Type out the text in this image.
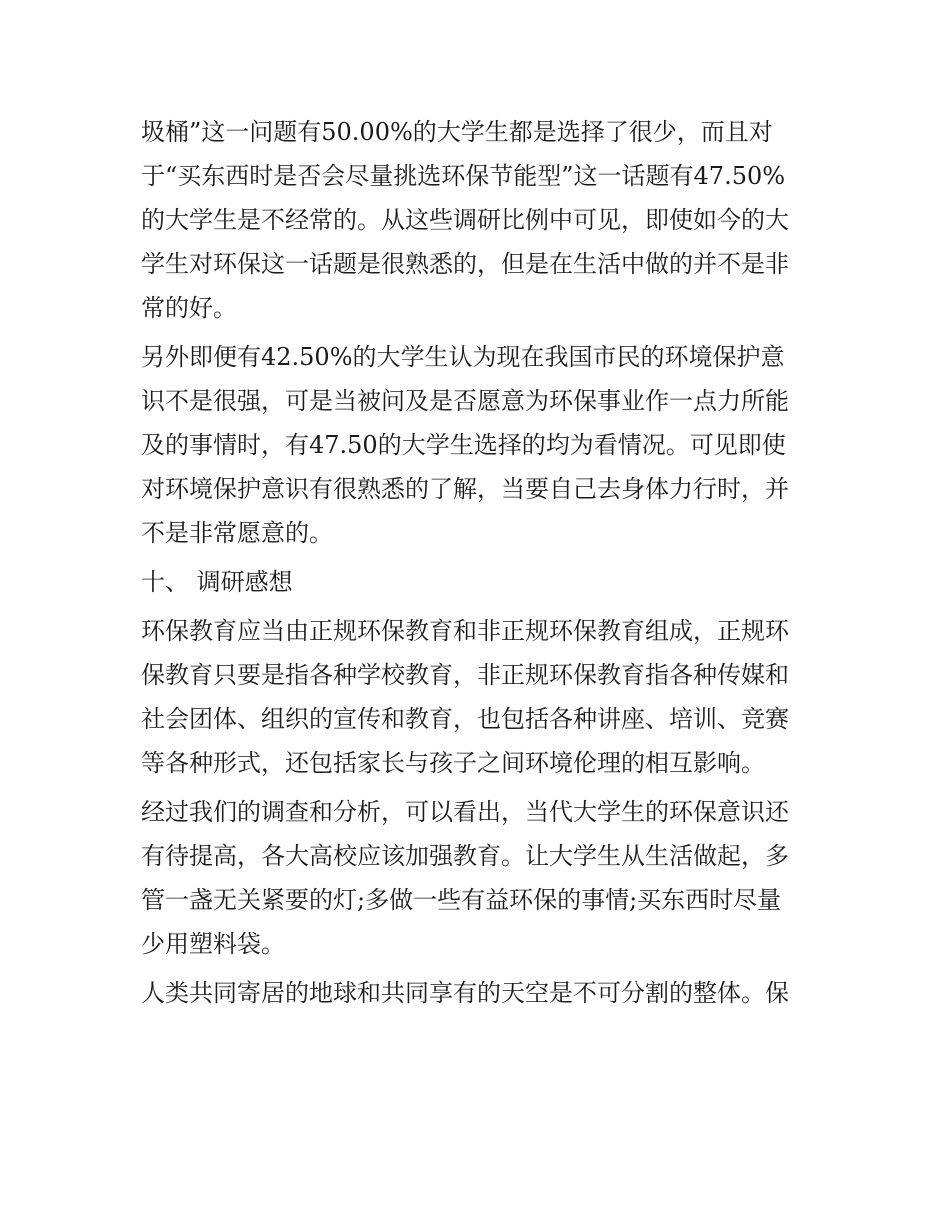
圾桶”这一问题有50.00%的大学生都是选择了很少，而且对
于“买东西时是否会尽量挑选环保节能型”这一话题有47.50%
的大学生是不经常的。从这些调研比例中可见，即使如今的大
学生对环保这一话题是很熟悉的，但是在生活中做的并不是非
常的好。
另外即便有42.50%的大学生认为现在我国市民的环境保护意
识不是很强，可是当被问及是否愿意为环保事业作一点力所能
及的事情时，有47.50的大学生选择的均为看情况。可见即使
对环境保护意识有很熟悉的了解，当要自己去身体力行时，并
不是非常愿意的。
十、 调研感想
环保教育应当由正规环保教育和非正规环保教育组成，正规环
保教育只要是指各种学校教育，非正规环保教育指各种传媒和
社会团体、组织的宣传和教育，也包括各种讲座、培训、竞赛
等各种形式，还包括家长与孩子之间环境伦理的相互影响。
经过我们的调查和分析，可以看出，当代大学生的环保意识还
有待提高，各大高校应该加强教育。让大学生从生活做起，多
管一盏无关紧要的灯;多做一些有益环保的事情;买东西时尽量
少用塑料袋。
人类共同寄居的地球和共同享有的天空是不可分割的整体。保
